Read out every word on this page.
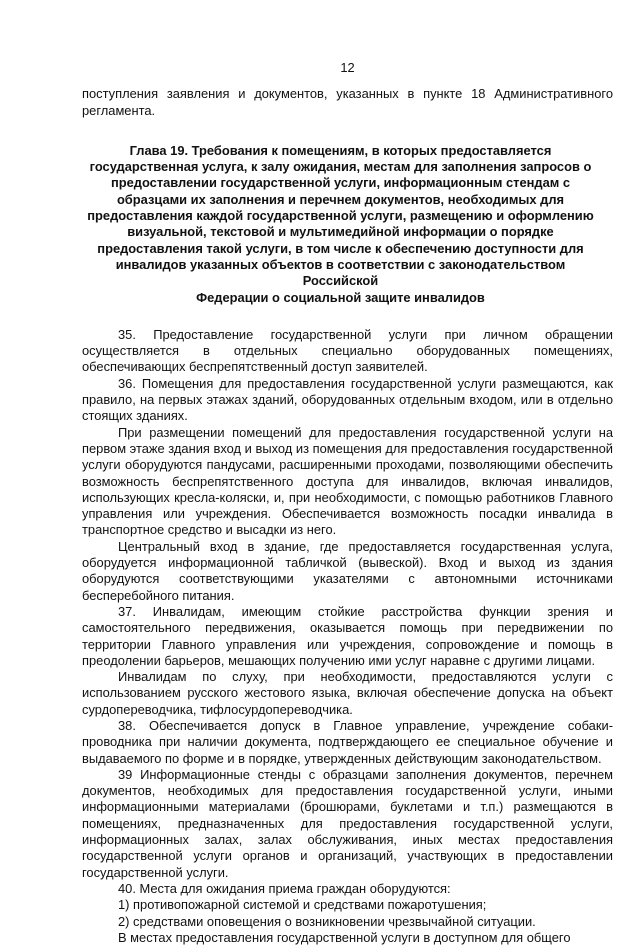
12

поступления заявления и документов, указанных в пункте 18 Административного регламента.

Глава 19. Требования к помещениям, в которых предоставляется
государственная услуга, к залу ожидания, местам для заполнения запросов о
предоставлении государственной услуги, информационным стендам с
образцами их заполнения и перечнем документов, необходимых для
предоставления каждой государственной услуги, размещению и оформлению
визуальной, текстовой и мультимедийной информации о порядке
предоставления такой услуги, в том числе к обеспечению доступности для
инвалидов указанных объектов в соответствии с законодательством Российской
Федерации о социальной защите инвалидов

35. Предоставление государственной услуги при личном обращении осуществляется в отдельных специально оборудованных помещениях, обеспечивающих беспрепятственный доступ заявителей.

36. Помещения для предоставления государственной услуги размещаются, как правило, на первых этажах зданий, оборудованных отдельным входом, или в отдельно стоящих зданиях.

При размещении помещений для предоставления государственной услуги на первом этаже здания вход и выход из помещения для предоставления государственной услуги оборудуются пандусами, расширенными проходами, позволяющими обеспечить возможность беспрепятственного доступа для инвалидов, включая инвалидов, использующих кресла-коляски, и, при необходимости, с помощью работников Главного управления или учреждения. Обеспечивается возможность посадки инвалида в транспортное средство и высадки из него.

Центральный вход в здание, где предоставляется государственная услуга, оборудуется информационной табличкой (вывеской). Вход и выход из здания оборудуются соответствующими указателями с автономными источниками бесперебойного питания.

37. Инвалидам, имеющим стойкие расстройства функции зрения и самостоятельного передвижения, оказывается помощь при передвижении по территории Главного управления или учреждения, сопровождение и помощь в преодолении барьеров, мешающих получению ими услуг наравне с другими лицами.

Инвалидам по слуху, при необходимости, предоставляются услуги с использованием русского жестового языка, включая обеспечение допуска на объект сурдопереводчика, тифлосурдопереводчика.

38. Обеспечивается допуск в Главное управление, учреждение собаки-проводника при наличии документа, подтверждающего ее специальное обучение и выдаваемого по форме и в порядке, утвержденных действующим законодательством.

39 Информационные стенды с образцами заполнения документов, перечнем документов, необходимых для предоставления государственной услуги, иными информационными материалами (брошюрами, буклетами и т.п.) размещаются в помещениях, предназначенных для предоставления государственной услуги, информационных залах, залах обслуживания, иных местах предоставления государственной услуги органов и организаций, участвующих в предоставлении государственной услуги.

40. Места для ожидания приема граждан оборудуются:

1) противопожарной системой и средствами пожаротушения;

2) средствами оповещения о возникновении чрезвычайной ситуации.

В местах предоставления государственной услуги в доступном для общего
